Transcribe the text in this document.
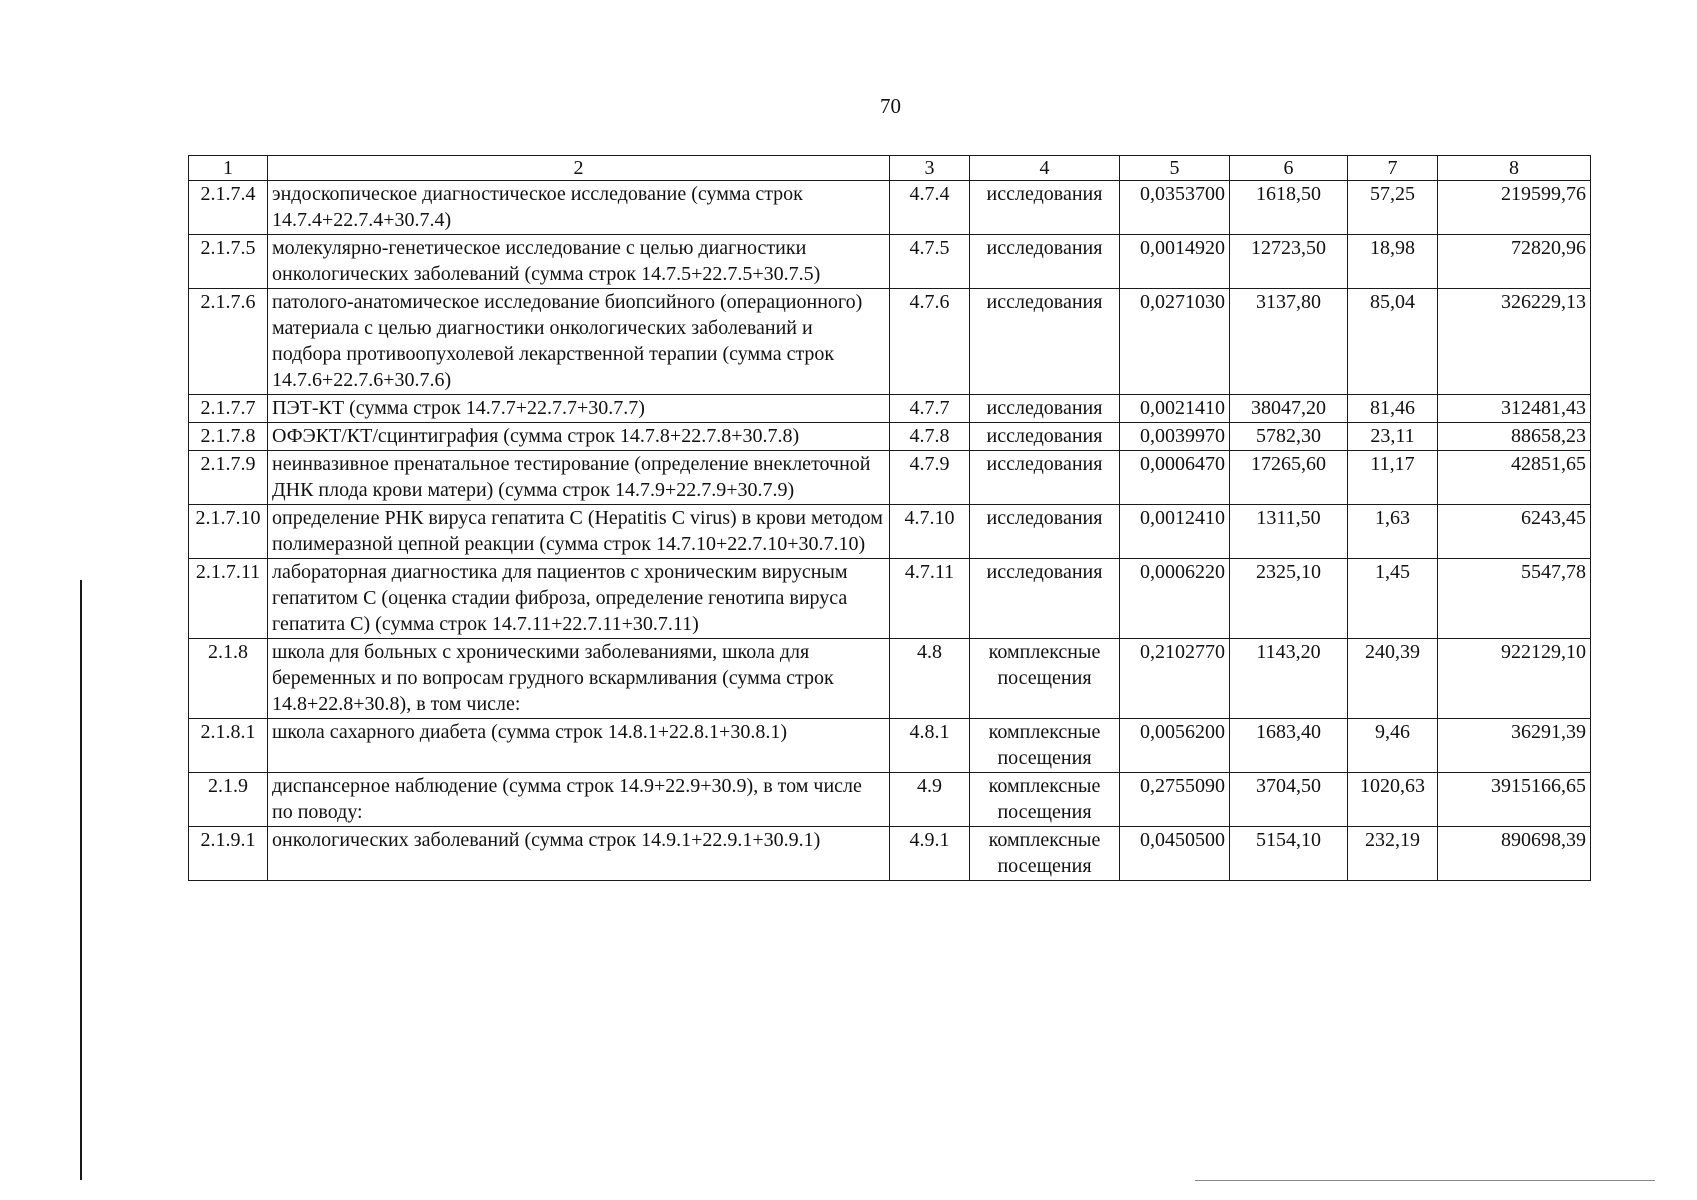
70
1	2	3	4	5	6	7	8
2.1.7.4	эндоскопическое диагностическое исследование (сумма строк 14.7.4+22.7.4+30.7.4)	4.7.4	исследования	0,0353700	1618,50	57,25	219599,76
2.1.7.5	молекулярно-генетическое исследование с целью диагностики онкологических заболеваний (сумма строк 14.7.5+22.7.5+30.7.5)	4.7.5	исследования	0,0014920	12723,50	18,98	72820,96
2.1.7.6	патолого-анатомическое исследование биопсийного (операционного) материала с целью диагностики онкологических заболеваний и подбора противоопухолевой лекарственной терапии (сумма строк 14.7.6+22.7.6+30.7.6)	4.7.6	исследования	0,0271030	3137,80	85,04	326229,13
2.1.7.7	ПЭТ-КТ (сумма строк 14.7.7+22.7.7+30.7.7)	4.7.7	исследования	0,0021410	38047,20	81,46	312481,43
2.1.7.8	ОФЭКТ/КТ/сцинтиграфия (сумма строк 14.7.8+22.7.8+30.7.8)	4.7.8	исследования	0,0039970	5782,30	23,11	88658,23
2.1.7.9	неинвазивное пренатальное тестирование (определение внеклеточной ДНК плода крови матери) (сумма строк 14.7.9+22.7.9+30.7.9)	4.7.9	исследования	0,0006470	17265,60	11,17	42851,65
2.1.7.10	определение РНК вируса гепатита С (Hepatitis C virus) в крови методом полимеразной цепной реакции (сумма строк 14.7.10+22.7.10+30.7.10)	4.7.10	исследования	0,0012410	1311,50	1,63	6243,45
2.1.7.11	лабораторная диагностика для пациентов с хроническим вирусным гепатитом С (оценка стадии фиброза, определение генотипа вируса гепатита С) (сумма строк 14.7.11+22.7.11+30.7.11)	4.7.11	исследования	0,0006220	2325,10	1,45	5547,78
2.1.8	школа для больных с хроническими заболеваниями, школа для беременных и по вопросам грудного вскармливания (сумма строк 14.8+22.8+30.8), в том числе:	4.8	комплексные посещения	0,2102770	1143,20	240,39	922129,10
2.1.8.1	школа сахарного диабета (сумма строк 14.8.1+22.8.1+30.8.1)	4.8.1	комплексные посещения	0,0056200	1683,40	9,46	36291,39
2.1.9	диспансерное наблюдение (сумма строк 14.9+22.9+30.9), в том числе по поводу:	4.9	комплексные посещения	0,2755090	3704,50	1020,63	3915166,65
2.1.9.1	онкологических заболеваний (сумма строк 14.9.1+22.9.1+30.9.1)	4.9.1	комплексные посещения	0,0450500	5154,10	232,19	890698,39
